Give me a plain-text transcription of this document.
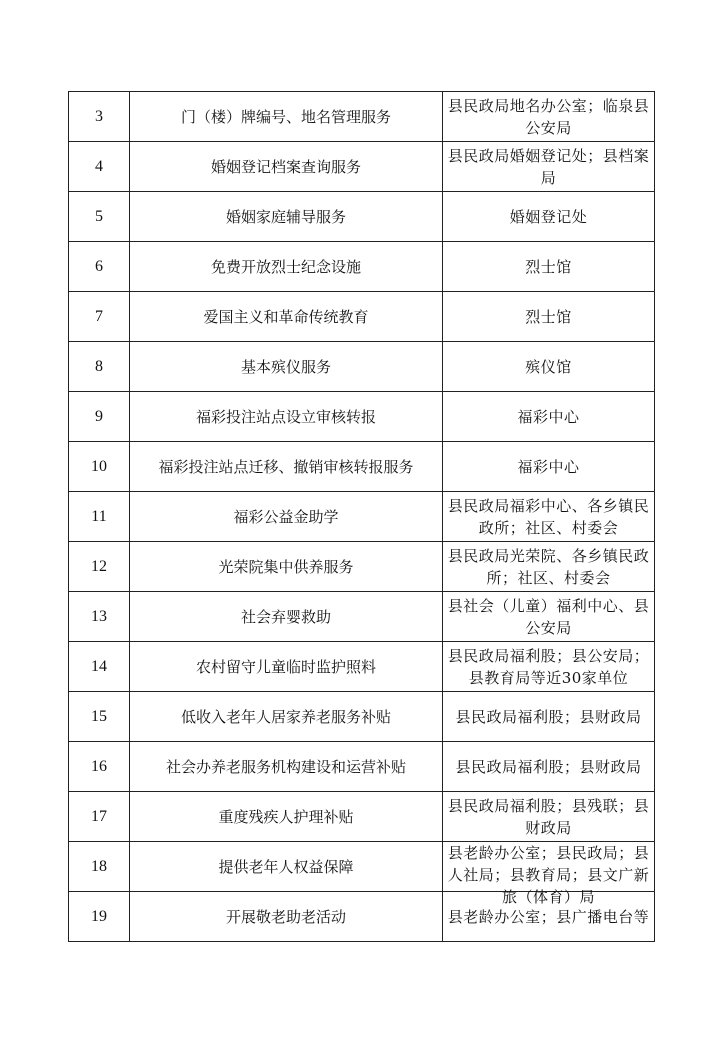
3	门（楼）牌编号、地名管理服务	县民政局地名办公室；临泉县公安局

4	婚姻登记档案查询服务	县民政局婚姻登记处；县档案局

5	婚姻家庭辅导服务	婚姻登记处

6	免费开放烈士纪念设施	烈士馆

7	爱国主义和革命传统教育	烈士馆

8	基本殡仪服务	殡仪馆

9	福彩投注站点设立审核转报	福彩中心

10	福彩投注站点迁移、撤销审核转报服务	福彩中心

11	福彩公益金助学	县民政局福彩中心、各乡镇民政所；社区、村委会

12	光荣院集中供养服务	县民政局光荣院、各乡镇民政所；社区、村委会

13	社会弃婴救助	县社会（儿童）福利中心、县公安局

14	农村留守儿童临时监护照料	县民政局福利股；县公安局；县教育局等近30家单位

15	低收入老年人居家养老服务补贴	县民政局福利股；县财政局

16	社会办养老服务机构建设和运营补贴	县民政局福利股；县财政局

17	重度残疾人护理补贴	县民政局福利股；县残联；县财政局

18	提供老年人权益保障	县老龄办公室；县民政局；县人社局；县教育局；县文广新旅（体育）局

19	开展敬老助老活动	县老龄办公室；县广播电台等
